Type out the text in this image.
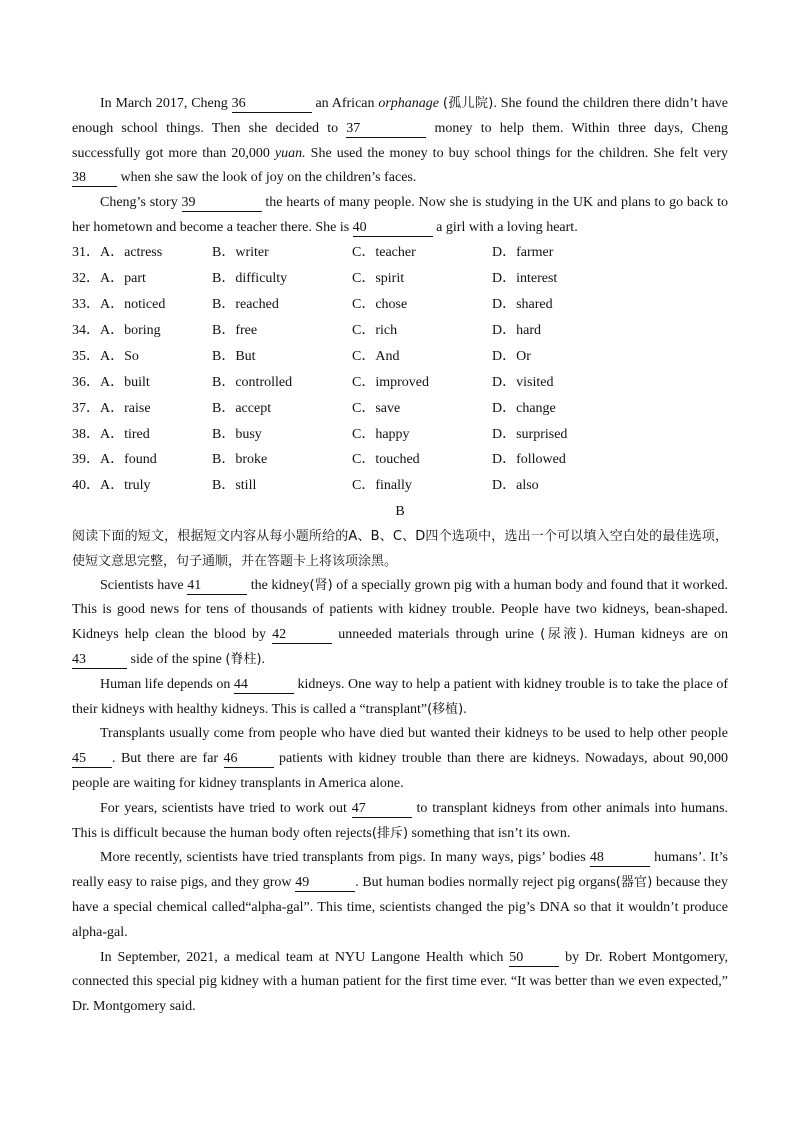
In March 2017, Cheng 36	an African orphanage (孤儿院). She found the children there didn’t have enough school things. Then she decided to 37	money to help them. Within three days, Cheng successfully got more than 20,000 yuan. She used the money to buy school things for the children. She felt very 38 when she saw the look of joy on the children’s faces.

Cheng’s story 39	the hearts of many people. Now she is studying in the UK and plans to go back to her hometown and become a teacher there. She is 40	a girl with a loving heart.

31．A．actress	B．writer	C．teacher	D．farmer
32．A．part	B．difficulty	C．spirit	D．interest
33．A．noticed	B．reached	C．chose	D．shared
34．A．boring	B．free	C．rich	D．hard
35．A．So	B．But	C．And	D．Or
36．A．built	B．controlled	C．improved	D．visited
37．A．raise	B．accept	C．save	D．change
38．A．tired	B．busy	C．happy	D．surprised
39．A．found	B．broke	C．touched	D．followed
40．A．truly	B．still	C．finally	D．also
B

阅读下面的短文，根据短文内容从每小题所给的A、B、C、D四个选项中，选出一个可以填入空白处的最佳选项，使短文意思完整，句子通顺，并在答题卡上将该项涂黑。

Scientists have 41	the kidney(肾) of a specially grown pig with a human body and found that it worked. This is good news for tens of thousands of patients with kidney trouble. People have two kidneys, bean-shaped. Kidneys help clean the blood by 42	unneeded materials through urine (尿液). Human kidneys are on 43	side of the spine (脊柱).

Human life depends on 44	kidneys. One way to help a patient with kidney trouble is to take the place of their kidneys with healthy kidneys. This is called a “transplant”(移植).

Transplants usually come from people who have died but wanted their kidneys to be used to help other people 45 . But there are far 46	patients with kidney trouble than there are kidneys. Nowadays, about 90,000 people are waiting for kidney transplants in America alone.

For years, scientists have tried to work out 47	to transplant kidneys from other animals into humans. This is difficult because the human body often rejects(排斥) something that isn’t its own.

More recently, scientists have tried transplants from pigs. In many ways, pigs’ bodies 48	humans’. It’s really easy to raise pigs, and they grow 49	. But human bodies normally reject pig organs(器官) because they have a special chemical called“alpha-gal”. This time, scientists changed the pig’s DNA so that it wouldn’t produce alpha-gal.

In September, 2021, a medical team at NYU Langone Health which 50	by Dr. Robert Montgomery, connected this special pig kidney with a human patient for the first time ever. “It was better than we even expected,” Dr. Montgomery said.
